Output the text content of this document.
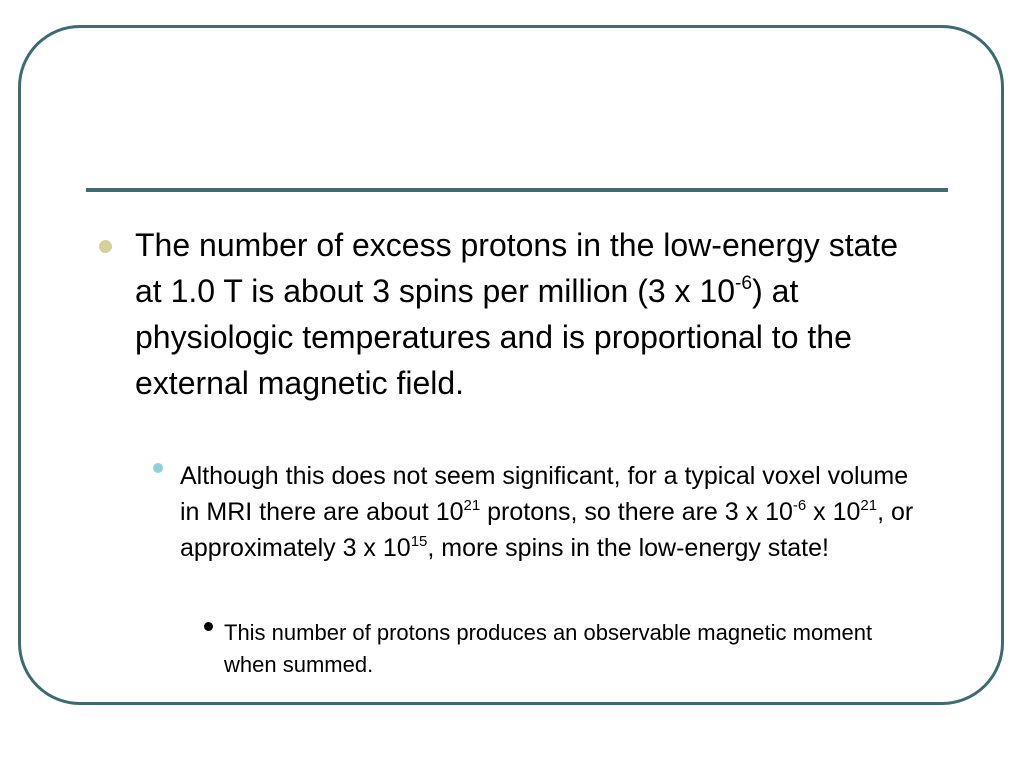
The number of excess protons in the low-energy state at 1.0 T is about 3 spins per million (3 x $10^{-6}$) at physiologic temperatures and is proportional to the external magnetic field.
Although this does not seem significant, for a typical voxel volume in MRI there are about $10^{21}$ protons, so there are 3 x $10^{-6}$ x $10^{21}$, or approximately 3 x $10^{15}$, more spins in the low-energy state!
This number of protons produces an observable magnetic moment when summed.
